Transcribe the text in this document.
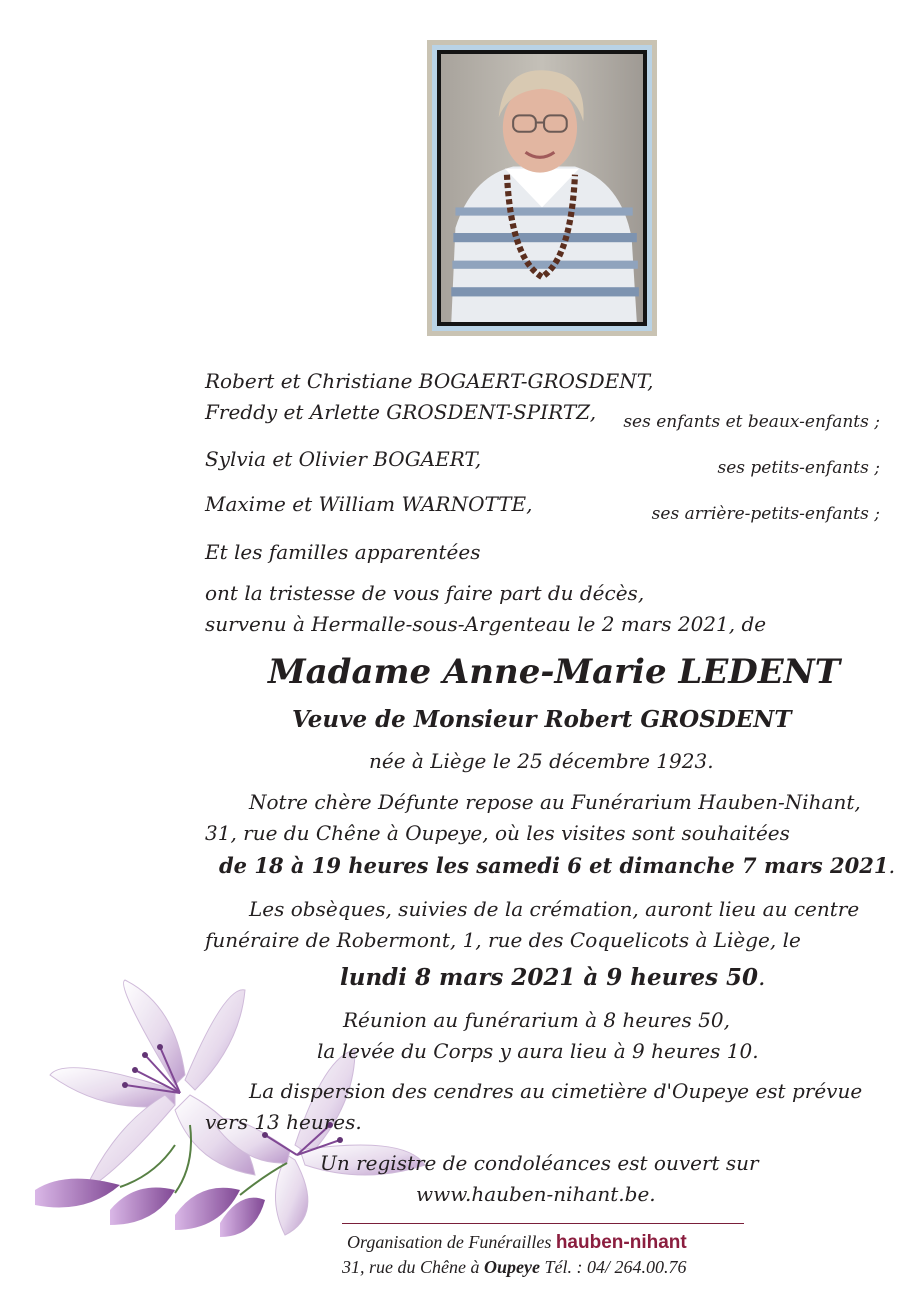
Robert et Christiane BOGAERT-GROSDENT,
Freddy et Arlette GROSDENT-SPIRTZ, ses enfants et beaux-enfants ;
Sylvia et Olivier BOGAERT,	ses petits-enfants ;
Maxime et William WARNOTTE,	ses arrière-petits-enfants ;
Et les familles apparentées
ont la tristesse de vous faire part du décès,
survenu à Hermalle-sous-Argenteau le 2 mars 2021, de
Madame Anne-Marie LEDENT
Veuve de Monsieur Robert GROSDENT
née à Liège le 25 décembre 1923.
Notre chère Défunte repose au Funérarium Hauben-Nihant,
31, rue du Chêne à Oupeye, où les visites sont souhaitées
de 18 à 19 heures les samedi 6 et dimanche 7 mars 2021.
Les obsèques, suivies de la crémation, auront lieu au centre
funéraire de Robermont, 1, rue des Coquelicots à Liège, le
lundi 8 mars 2021 à 9 heures 50.
Réunion au funérarium à 8 heures 50,
la levée du Corps y aura lieu à 9 heures 10.
La dispersion des cendres au cimetière d'Oupeye est prévue
vers 13 heures.
Un registre de condoléances est ouvert sur
www.hauben-nihant.be.
Organisation de Funérailles hauben-nihant
31, rue du Chêne à Oupeye Tél. : 04/ 264.00.76
